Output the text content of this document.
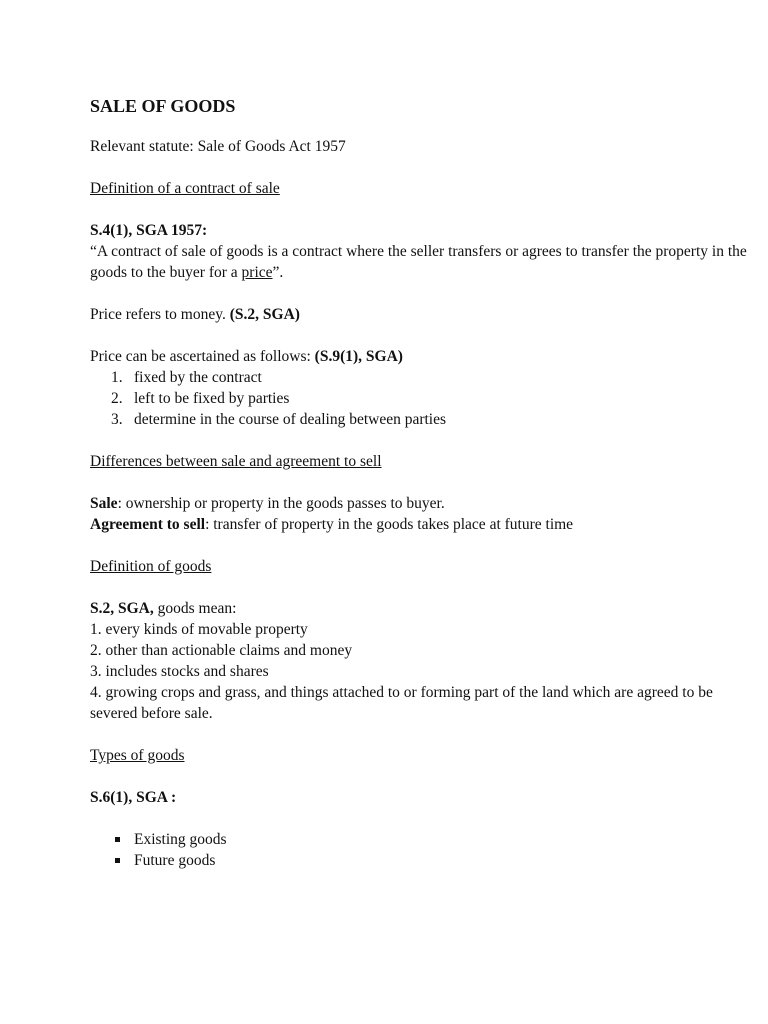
SALE OF GOODS

Relevant statute: Sale of Goods Act 1957

Definition of a contract of sale

S.4(1), SGA 1957:

“A contract of sale of goods is a contract where the seller transfers or agrees to transfer the property in the goods to the buyer for a price”.

Price refers to money. (S.2, SGA)

Price can be ascertained as follows: (S.9(1), SGA)

1. fixed by the contract
2. left to be fixed by parties
3. determine in the course of dealing between parties

Differences between sale and agreement to sell

Sale: ownership or property in the goods passes to buyer.

Agreement to sell: transfer of property in the goods takes place at future time

Definition of goods

S.2, SGA, goods mean:

1. every kinds of movable property

2. other than actionable claims and money

3. includes stocks and shares

4. growing crops and grass, and things attached to or forming part of the land which are agreed to be severed before sale.

Types of goods

S.6(1), SGA :

Existing goods
Future goods
